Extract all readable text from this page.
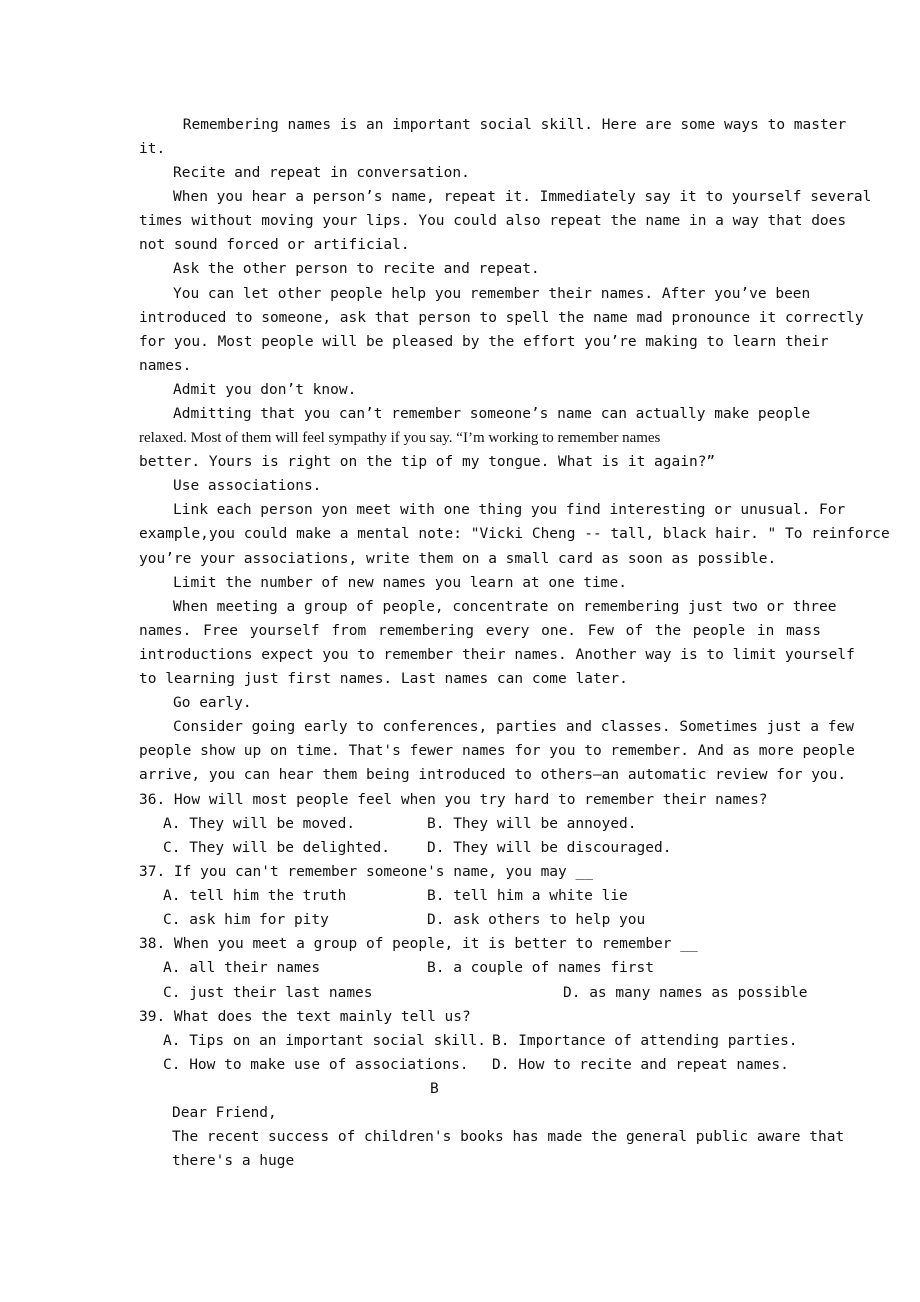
Remembering names is an important social skill. Here are some ways to master
it.
Recite and repeat in conversation.
When you hear a person’s name, repeat it. Immediately say it to yourself several
times without moving your lips. You could also repeat the name in a way that does
not sound forced or artificial.
Ask the other person to recite and repeat.
You can let other people help you remember their names. After you’ve been
introduced to someone, ask that person to spell the name mad pronounce it correctly
for you. Most people will be pleased by the effort you’re making to learn their
names.
Admit you don’t know.
Admitting that you can’t remember someone’s name can actually make people
relaxed. Most of them will feel sympathy if you say. “I’m working to remember names
better. Yours is right on the tip of my tongue. What is it again?”
Use associations.
Link each person yon meet with one thing you find interesting or unusual. For
example,you could make a mental note: "Vicki Cheng -- tall, black hair. " To reinforce
you’re your associations, write them on a small card as soon as possible.
Limit the number of new names you learn at one time.
When meeting a group of people, concentrate on remembering just two or three
names. Free yourself from remembering every one. Few of the people in mass
introductions expect you to remember their names. Another way is to limit yourself
to learning just first names. Last names can come later.
Go early.
Consider going early to conferences, parties and classes. Sometimes just a few
people show up on time. That's fewer names for you to remember. And as more people
arrive, you can hear them being introduced to others—an automatic review for you.
36. How will most people feel when you try hard to remember their names?
A. They will be moved.	B. They will be annoyed.
C. They will be delighted.	D. They will be discouraged.
37. If you can't remember someone's name, you may __
A. tell him the truth	B. tell him a white lie
C. ask him for pity	D. ask others to help you
38. When you meet a group of people, it is better to remember __
A. all their names	B. a couple of names first
C. just their last names	D. as many names as possible
39. What does the text mainly tell us?
A. Tips on an important social skill. B. Importance of attending parties.
C. How to make use of associations. D. How to recite and repeat names.
B
Dear Friend,
The recent success of children's books has made the general public aware that
there's a huge
